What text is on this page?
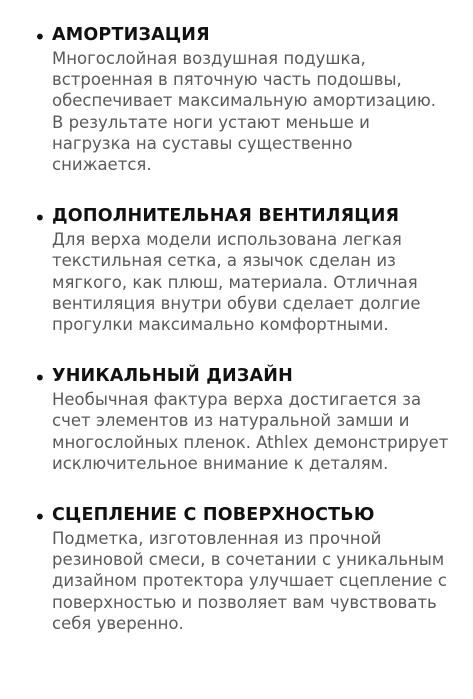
• АМОРТИЗАЦИЯ

Многослойная воздушная подушка, встроенная в пяточную часть подошвы, обеспечивает максимальную амортизацию. В результате ноги устают меньше и нагрузка на суставы существенно снижается.

• ДОПОЛНИТЕЛЬНАЯ ВЕНТИЛЯЦИЯ

Для верха модели использована легкая текстильная сетка, а язычок сделан из мягкого, как плюш, материала. Отличная вентиляция внутри обуви сделает долгие прогулки максимально комфортными.

• УНИКАЛЬНЫЙ ДИЗАЙН

Необычная фактура верха достигается за счет элементов из натуральной замши и многослойных пленок. Athlex демонстрирует исключительное внимание к деталям.

• СЦЕПЛЕНИЕ С ПОВЕРХНОСТЬЮ

Подметка, изготовленная из прочной резиновой смеси, в сочетании с уникальным дизайном протектора улучшает сцепление с поверхностью и позволяет вам чувствовать себя уверенно.
